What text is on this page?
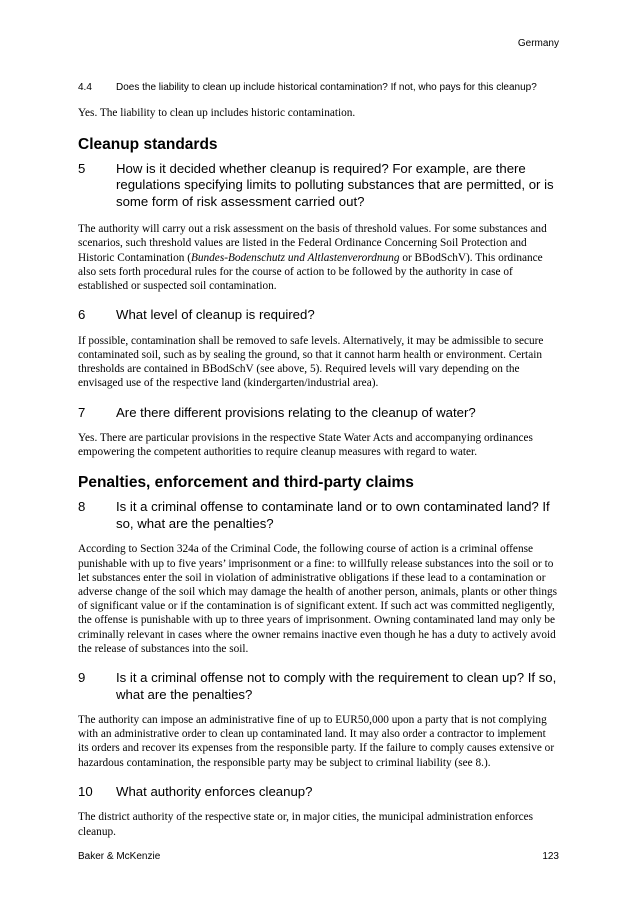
Germany
4.4 Does the liability to clean up include historical contamination? If not, who pays for this cleanup?

Yes. The liability to clean up includes historic contamination.

Cleanup standards
5 How is it decided whether cleanup is required? For example, are there regulations specifying limits to polluting substances that are permitted, or is some form of risk assessment carried out?

The authority will carry out a risk assessment on the basis of threshold values. For some substances and scenarios, such threshold values are listed in the Federal Ordinance Concerning Soil Protection and Historic Contamination (Bundes-Bodenschutz und Altlastenverordnung or BBodSchV). This ordinance also sets forth procedural rules for the course of action to be followed by the authority in case of established or suspected soil contamination.

6 What level of cleanup is required?

If possible, contamination shall be removed to safe levels. Alternatively, it may be admissible to secure contaminated soil, such as by sealing the ground, so that it cannot harm health or environment. Certain thresholds are contained in BBodSchV (see above, 5). Required levels will vary depending on the envisaged use of the respective land (kindergarten/industrial area).

7 Are there different provisions relating to the cleanup of water?

Yes. There are particular provisions in the respective State Water Acts and accompanying ordinances empowering the competent authorities to require cleanup measures with regard to water.

Penalties, enforcement and third-party claims
8 Is it a criminal offense to contaminate land or to own contaminated land? If so, what are the penalties?

According to Section 324a of the Criminal Code, the following course of action is a criminal offense punishable with up to five years’ imprisonment or a fine: to willfully release substances into the soil or to let substances enter the soil in violation of administrative obligations if these lead to a contamination or adverse change of the soil which may damage the health of another person, animals, plants or other things of significant value or if the contamination is of significant extent. If such act was committed negligently, the offense is punishable with up to three years of imprisonment. Owning contaminated land may only be criminally relevant in cases where the owner remains inactive even though he has a duty to actively avoid the release of substances into the soil.

9 Is it a criminal offense not to comply with the requirement to clean up? If so, what are the penalties?

The authority can impose an administrative fine of up to EUR50,000 upon a party that is not complying with an administrative order to clean up contaminated land. It may also order a contractor to implement its orders and recover its expenses from the responsible party. If the failure to comply causes extensive or hazardous contamination, the responsible party may be subject to criminal liability (see 8.).

10 What authority enforces cleanup?

The district authority of the respective state or, in major cities, the municipal administration enforces cleanup.

Baker & McKenzie	123
